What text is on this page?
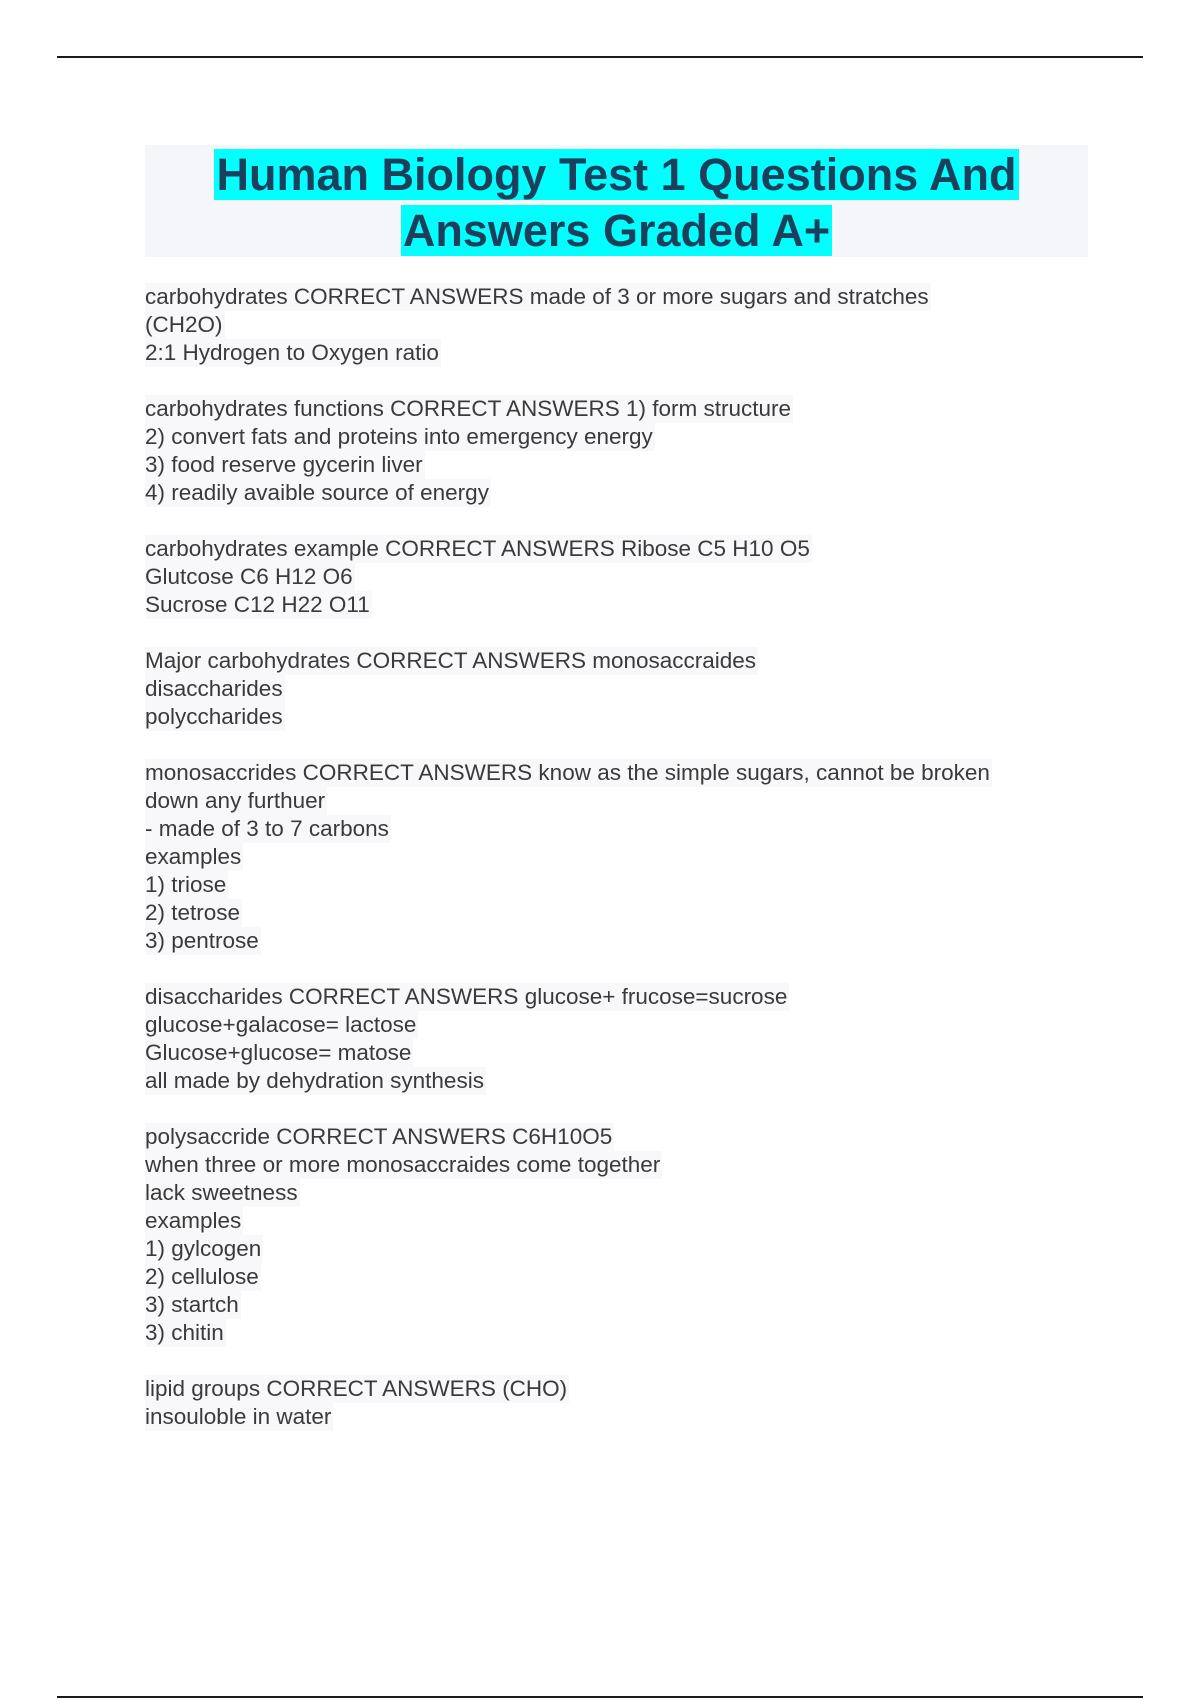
Human Biology Test 1 Questions And
Answers Graded A+
carbohydrates CORRECT ANSWERS made of 3 or more sugars and stratches
(CH2O)
2:1 Hydrogen to Oxygen ratio
carbohydrates functions CORRECT ANSWERS 1) form structure
2) convert fats and proteins into emergency energy
3) food reserve gycerin liver
4) readily avaible source of energy
carbohydrates example CORRECT ANSWERS Ribose C5 H10 O5
Glutcose C6 H12 O6
Sucrose C12 H22 O11
Major carbohydrates CORRECT ANSWERS monosaccraides
disaccharides
polyccharides
monosaccrides CORRECT ANSWERS know as the simple sugars, cannot be broken
down any furthuer
- made of 3 to 7 carbons
examples
1) triose
2) tetrose
3) pentrose
disaccharides CORRECT ANSWERS glucose+ frucose=sucrose
glucose+galacose= lactose
Glucose+glucose= matose
all made by dehydration synthesis
polysaccride CORRECT ANSWERS C6H10O5
when three or more monosaccraides come together
lack sweetness
examples
1) gylcogen
2) cellulose
3) startch
3) chitin
lipid groups CORRECT ANSWERS (CHO)
insouloble in water
